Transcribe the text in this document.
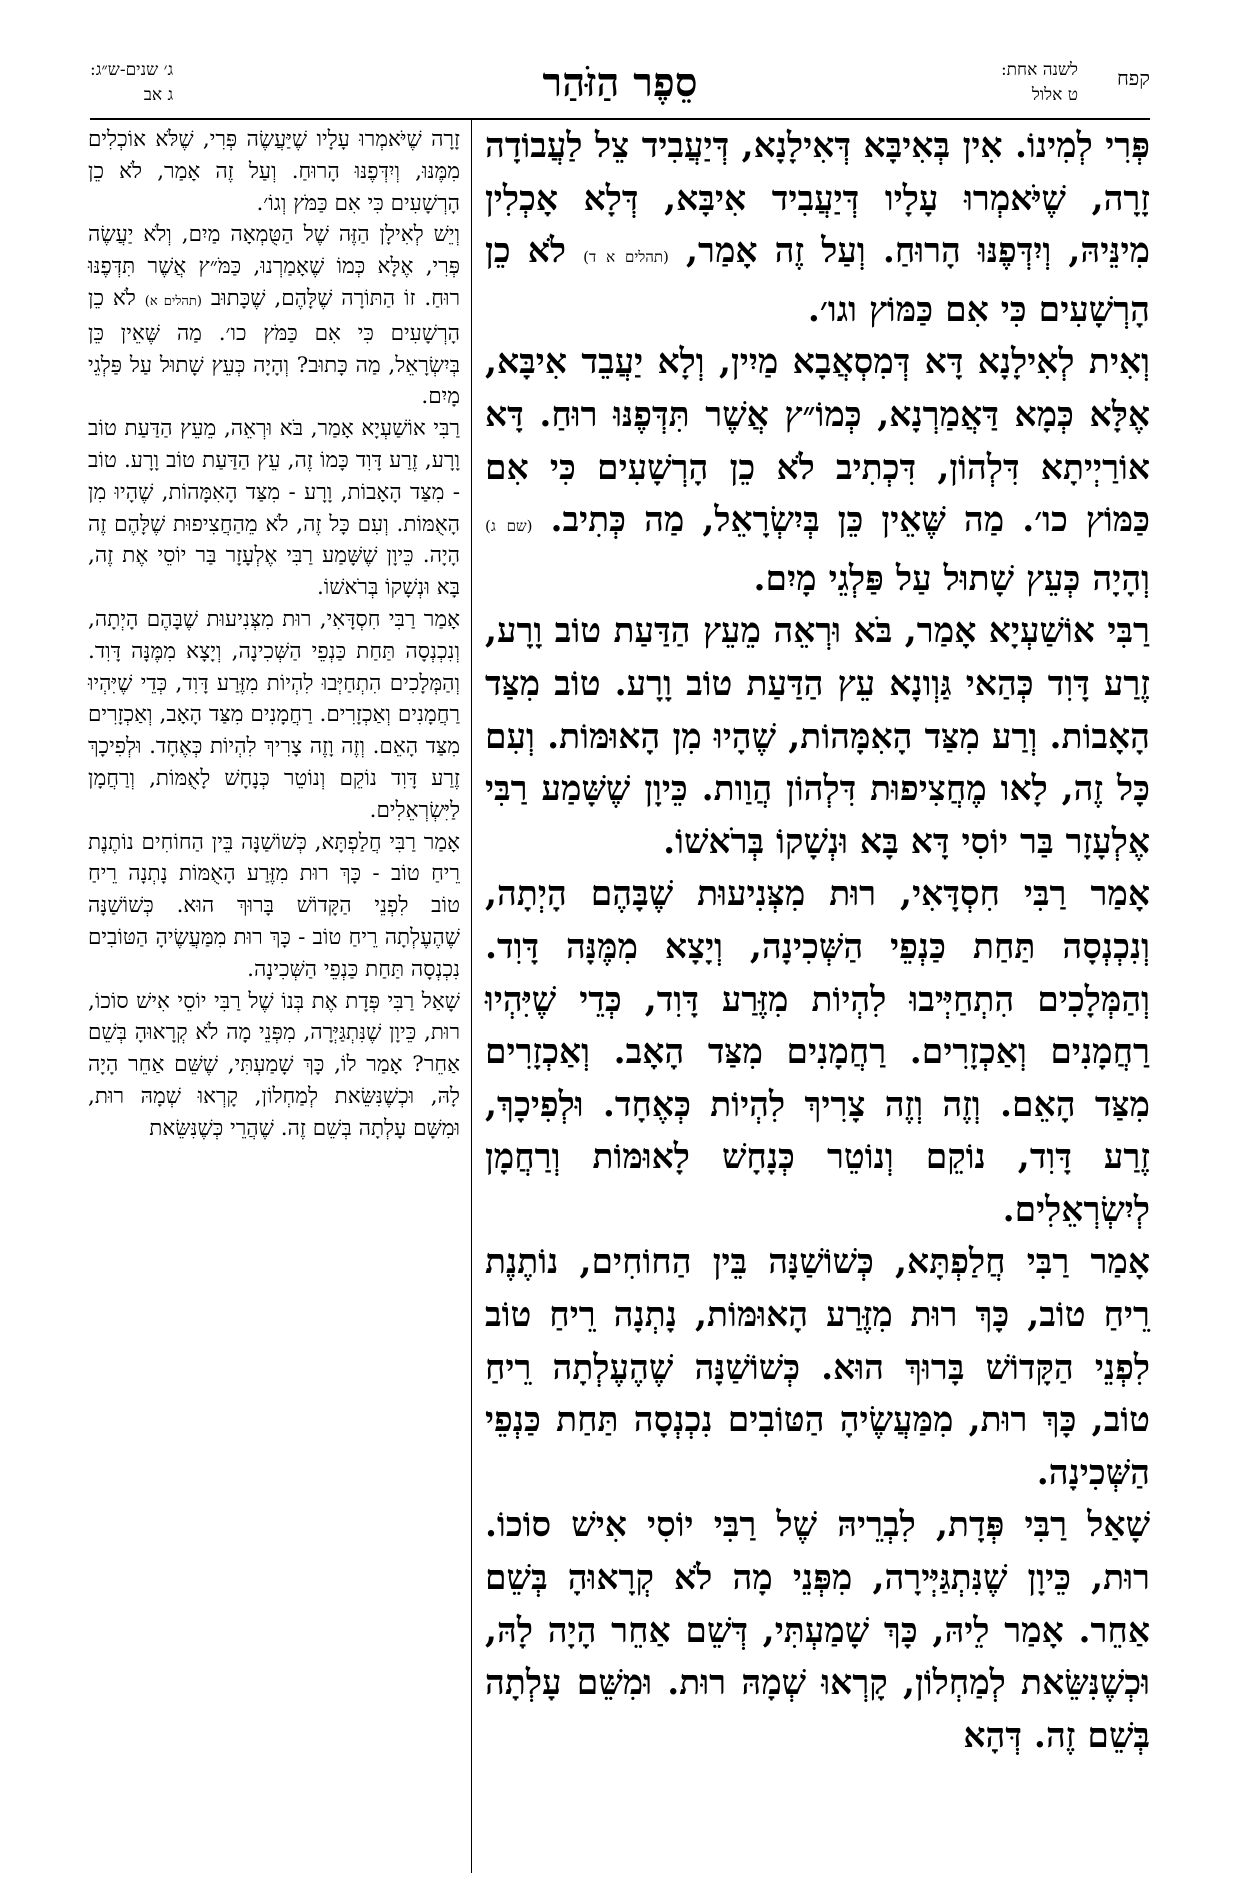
קפח
לשנה אחת:
ט אלול
סֵפֶר הַזֹּהַר
ג׳ שנים-ש״ג:
ג אב

פְּרִי לְמִינוֹ. אִין בְּאִיבָּא דְּאִילָנָא, דְּיַעֲבִיד צֵל לַעֲבוֹדָה זָרָה, שֶׁיֹּאמְרוּ עָלָיו דְּיַעֲבִיד אִיבָּא, דְּלָא אָכְלִין מִינֵּיהּ, וְיִדְּפֶנּוּ הָרוּחַ. וְעַל זֶה אָמַר, (תהלים א ד) לֹא כֵן הָרְשָׁעִים כִּי אִם כַּמּוֹץ וגו׳.

וְאִית לְאִילָנָא דָּא דְּמִסְאֲבָא מַיִין, וְלָא יַעֲבֵד אִיבָּא, אֶלָּא כְּמָא דַּאֲמַרְנָא, כְּמוֹ״ץ אֲשֶׁר תִּדְּפֶנּוּ רוּחַ. דָּא אוֹרַיְיתָא דִּלְהוֹן, דִּכְתִיב לֹא כֵן הָרְשָׁעִים כִּי אִם כַּמּוֹץ כו׳. מַה שֶּׁאֵין כֵּן בְּיִשְׂרָאֵל, מַה כְּתִיב. (שם ג) וְהָיָה כְּעֵץ שָׁתוּל עַל פַּלְגֵי מָיִם.

רַבִּי אוֹשַׁעְיָא אָמַר, בֹּא וּרְאֵה מֵעֵץ הַדַּעַת טוֹב וָרָע, זֶרַע דָּוִד כְּהַאי גַּוְונָא עֵץ הַדַּעַת טוֹב וָרָע. טוֹב מִצַּד הָאָבוֹת. וְרַע מִצַּד הָאִמָּהוֹת, שֶׁהָיוּ מִן הָאוּמּוֹת. וְעִם כָּל זֶה, לָאו מֶחֲצִיפוּת דִּלְהוֹן הֲוַות. כֵּיוָן שֶׁשָּׁמַע רַבִּי אֶלְעָזָר בַּר יוֹסִי דָּא בָּא וּנְשָׁקוֹ בְּרֹאשׁוֹ.

אָמַר רַבִּי חִסְדָּאִי, רוּת מִצְּנִיעוּת שֶׁבָּהֶם הָיְתָה, וְנִכְנְסָה תַּחַת כַּנְפֵי הַשְּׁכִינָה, וְיָצָא מִמֶּנָּה דָּוִד. וְהַמְּלָכִים הִתְחַיְּיבוּ לִהְיוֹת מִזֶּרַע דָּוִד, כְּדֵי שֶׁיִּהְיוּ רַחֲמָנִים וְאַכְזָרִים. רַחֲמָנִים מִצַּד הָאָב. וְאַכְזָרִים מִצַּד הָאֵם. וְזֶה וְזֶה צָרִיךְ לִהְיוֹת כְּאֶחָד. וּלְפִיכָךְ, זֶרַע דָּוִד, נוֹקֵם וְנוֹטֵר כְּנָחָשׁ לָאוּמּוֹת וְרַחֲמָן לְיִשְׂרְאֵלִים.

אָמַר רַבִּי חֲלַפְתָּא, כְּשׁוֹשַׁנָּה בֵּין הַחוֹחִים, נוֹתֶנֶת רֵיחַ טוֹב, כָּךְ רוּת מִזֶּרַע הָאוּמּוֹת, נָתְנָה רֵיחַ טוֹב לִפְנֵי הַקָּדוֹשׁ בָּרוּךְ הוּא. כְּשׁוֹשַׁנָּה שֶׁהֶעֶלְתָה רֵיחַ טוֹב, כָּךְ רוּת, מִמַּעֲשֶׂיהָ הַטּוֹבִים נִכְנְסָה תַּחַת כַּנְפֵי הַשְּׁכִינָה.

שָׁאַל רַבִּי פְּדָת, לִבְרֵיהּ שֶׁל רַבִּי יוֹסִי אִישׁ סוֹכוֹ. רוּת, כֵּיוָן שֶׁנִּתְגַּיְּירָה, מִפְּנֵי מָה לֹא קְרָאוּהָ בְּשֵׁם אַחֵר. אָמַר לֵיהּ, כָּךְ שָׁמַעְתִּי, דְּשֵׁם אַחֵר הָיָה לָהּ, וּכְשֶׁנִּשֵּׂאת לְמַחְלוֹן, קָרְאוּ שְׁמָהּ רוּת. וּמִשֵּׁם עָלְתָה בְּשֵׁם זֶה. דְּהָא

זָרָה שֶׁיֹּאמְרוּ עָלָיו שֶׁיַּעֲשֶׂה פְּרִי, שֶׁלֹּא אוֹכְלִים מִמֶּנּוּ, וְיִדְּפֶנּוּ הָרוּחַ. וְעַל זֶה אָמַר, לֹא כֵן הָרְשָׁעִים כִּי אִם כַּמֹּץ וְגוֹ׳.

וְיֵשׁ לְאִילָן הַזֶּה שֶׁל הַטֻּמְאָה מַיִם, וְלֹא יַעֲשֶׂה פְּרִי, אֶלָּא כְּמוֹ שֶׁאָמַרְנוּ, כַּמֹּ״ץ אֲשֶׁר תִּדְּפֶנּוּ רוּחַ. זוֹ הַתּוֹרָה שֶׁלָּהֶם, שֶׁכָּתוּב (תהלים א) לֹא כֵן הָרְשָׁעִים כִּי אִם כַּמֹּץ כו׳. מַה שֶּׁאֵין כֵּן בְּיִשְׂרָאֵל, מַה כָּתוּב? וְהָיָה כְּעֵץ שָׁתוּל עַל פַּלְגֵי מָיִם.

רַבִּי אוֹשַׁעְיָא אָמַר, בֹּא וּרְאֵה, מֵעֵץ הַדַּעַת טוֹב וָרָע, זֶרַע דָּוִד כָּמוֹ זֶה, עֵץ הַדַּעַת טוֹב וָרָע. טוֹב - מִצַּד הָאָבוֹת, וָרָע - מִצַּד הָאִמָּהוֹת, שֶׁהָיוּ מִן הָאֻמּוֹת. וְעִם כָּל זֶה, לֹא מֵהַחֲצִיפוּת שֶׁלָּהֶם זֶה הָיָה. כֵּיוָן שֶׁשָּׁמַע רַבִּי אֶלְעָזָר בַּר יוֹסֵי אֶת זֶה, בָּא וּנְשָׁקוֹ בְּרֹאשׁוֹ.

אָמַר רַבִּי חִסְדָּאִי, רוּת מִצְּנִיעוּת שֶׁבָּהֶם הָיְתָה, וְנִכְנְסָה תַּחַת כַּנְפֵי הַשְּׁכִינָה, וְיָצָא מִמֶּנָּה דָּוִד. וְהַמְּלָכִים הִתְחַיְּבוּ לִהְיוֹת מִזֶּרַע דָּוִד, כְּדֵי שֶׁיִּהְיוּ רַחֲמָנִים וְאַכְזָרִים. רַחֲמָנִים מִצַּד הָאָב, וְאַכְזָרִים מִצַּד הָאֵם. וְזֶה וָזֶה צָרִיךְ לִהְיוֹת כְּאֶחָד. וּלְפִיכָךְ זֶרַע דָּוִד נוֹקֵם וְנוֹטֵר כְּנָחָשׁ לָאֻמּוֹת, וְרַחֲמָן לַיִּשְׂרְאֵלִים.

אָמַר רַבִּי חֲלַפְתָּא, כְּשׁוֹשַׁנָּה בֵּין הַחוֹחִים נוֹתֶנֶת רֵיחַ טוֹב - כָּךְ רוּת מִזֶּרַע הָאֻמּוֹת נָתְנָה רֵיחַ טוֹב לִפְנֵי הַקָּדוֹשׁ בָּרוּךְ הוּא. כְּשׁוֹשַׁנָּה שֶׁהֶעֶלְתָה רֵיחַ טוֹב - כָּךְ רוּת מִמַּעֲשֶׂיהָ הַטּוֹבִים נִכְנְסָה תַּחַת כַּנְפֵי הַשְּׁכִינָה.

שָׁאַל רַבִּי פְּדָת אֶת בְּנוֹ שֶׁל רַבִּי יוֹסֵי אִישׁ סוֹכוֹ, רוּת, כֵּיוָן שֶׁנִּתְגַּיְּרָה, מִפְּנֵי מָה לֹא קְרָאוּהָ בְּשֵׁם אַחֵר? אָמַר לוֹ, כָּךְ שָׁמַעְתִּי, שֶׁשֵּׁם אַחֵר הָיָה לָהּ, וּכְשֶׁנִּשֵּׂאת לְמַחְלוֹן, קָרְאוּ שְׁמָהּ רוּת, וּמִשָּׁם עָלְתָה בְּשֵׁם זֶה. שֶׁהֲרֵי כְּשֶׁנִּשֵּׂאת
